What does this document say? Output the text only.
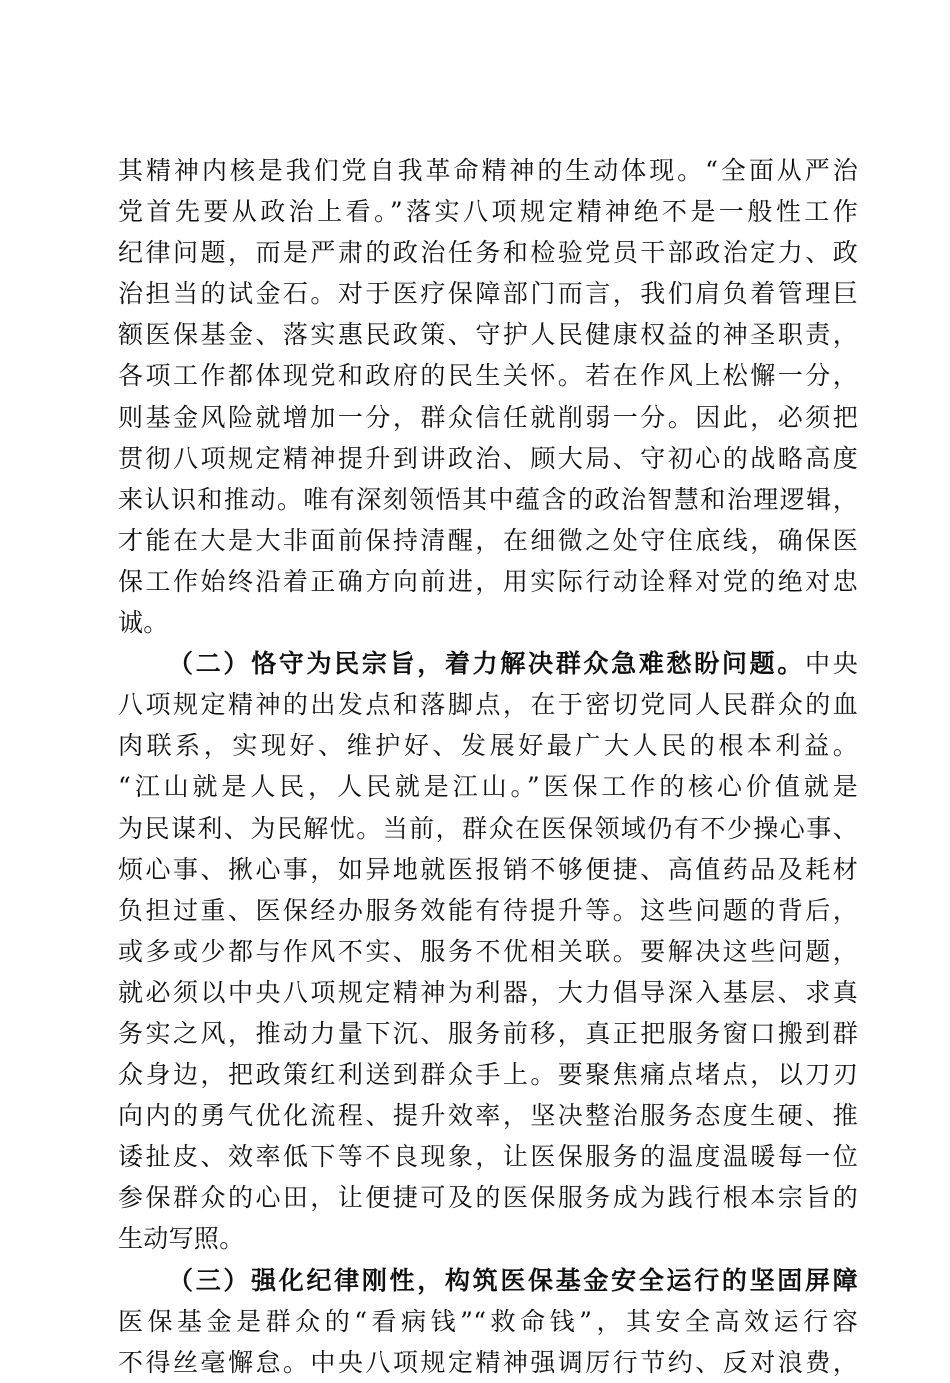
其精神内核是我们党自我革命精神的生动体现。“全面从严治
党首先要从政治上看。”落实八项规定精神绝不是一般性工作
纪律问题，而是严肃的政治任务和检验党员干部政治定力、政
治担当的试金石。对于医疗保障部门而言，我们肩负着管理巨
额医保基金、落实惠民政策、守护人民健康权益的神圣职责，
各项工作都体现党和政府的民生关怀。若在作风上松懈一分，
则基金风险就增加一分，群众信任就削弱一分。因此，必须把
贯彻八项规定精神提升到讲政治、顾大局、守初心的战略高度
来认识和推动。唯有深刻领悟其中蕴含的政治智慧和治理逻辑，
才能在大是大非面前保持清醒，在细微之处守住底线，确保医
保工作始终沿着正确方向前进，用实际行动诠释对党的绝对忠
诚。
（二）恪守为民宗旨，着力解决群众急难愁盼问题。中央
八项规定精神的出发点和落脚点，在于密切党同人民群众的血
肉联系，实现好、维护好、发展好最广大人民的根本利益。
“江山就是人民，人民就是江山。”医保工作的核心价值就是
为民谋利、为民解忧。当前，群众在医保领域仍有不少操心事、
烦心事、揪心事，如异地就医报销不够便捷、高值药品及耗材
负担过重、医保经办服务效能有待提升等。这些问题的背后，
或多或少都与作风不实、服务不优相关联。要解决这些问题，
就必须以中央八项规定精神为利器，大力倡导深入基层、求真
务实之风，推动力量下沉、服务前移，真正把服务窗口搬到群
众身边，把政策红利送到群众手上。要聚焦痛点堵点，以刀刃
向内的勇气优化流程、提升效率，坚决整治服务态度生硬、推
诿扯皮、效率低下等不良现象，让医保服务的温度温暖每一位
参保群众的心田，让便捷可及的医保服务成为践行根本宗旨的
生动写照。
（三）强化纪律刚性，构筑医保基金安全运行的坚固屏障
医保基金是群众的“看病钱”“救命钱”，其安全高效运行容
不得丝毫懈怠。中央八项规定精神强调厉行节约、反对浪费，
